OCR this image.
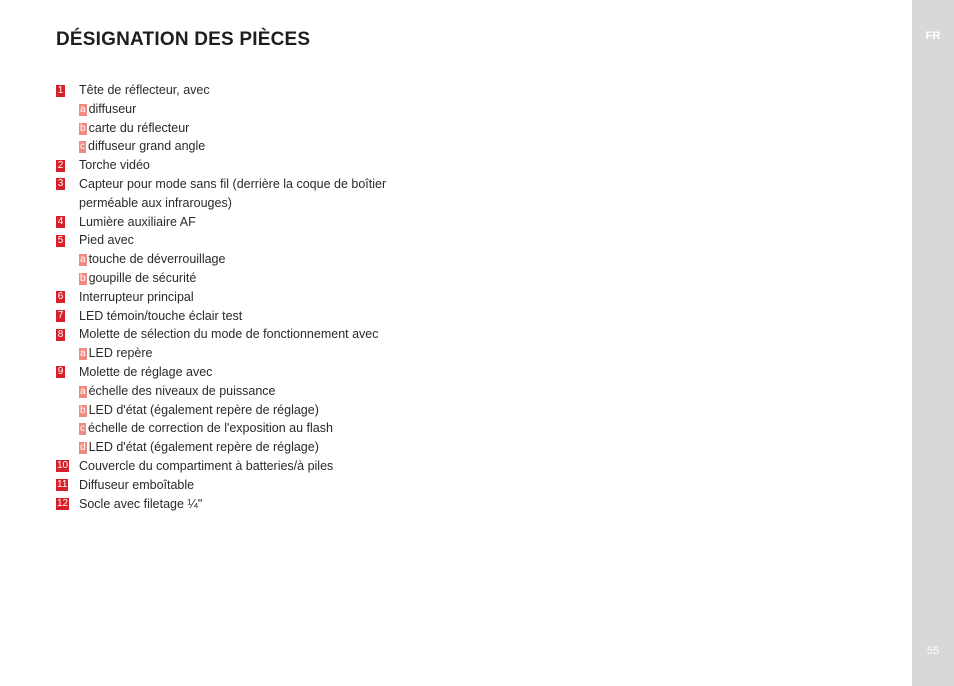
DÉSIGNATION DES PIÈCES	FR
55
1 Tête de réflecteur, avec
a diffuseur
b carte du réflecteur
c diffuseur grand angle
2 Torche vidéo
3 Capteur pour mode sans fil (derrière la coque de boîtier
perméable aux infrarouges)
4 Lumière auxiliaire AF
5 Pied avec
a touche de déverrouillage
b goupille de sécurité
6 Interrupteur principal
7 LED témoin/touche éclair test
8 Molette de sélection du mode de fonctionnement avec
a LED repère
9 Molette de réglage avec
a échelle des niveaux de puissance
b LED d'état (également repère de réglage)
c échelle de correction de l'exposition au flash
d LED d'état (également repère de réglage)
10 Couvercle du compartiment à batteries/à piles
11 Diffuseur emboîtable
12 Socle avec filetage ¼"
